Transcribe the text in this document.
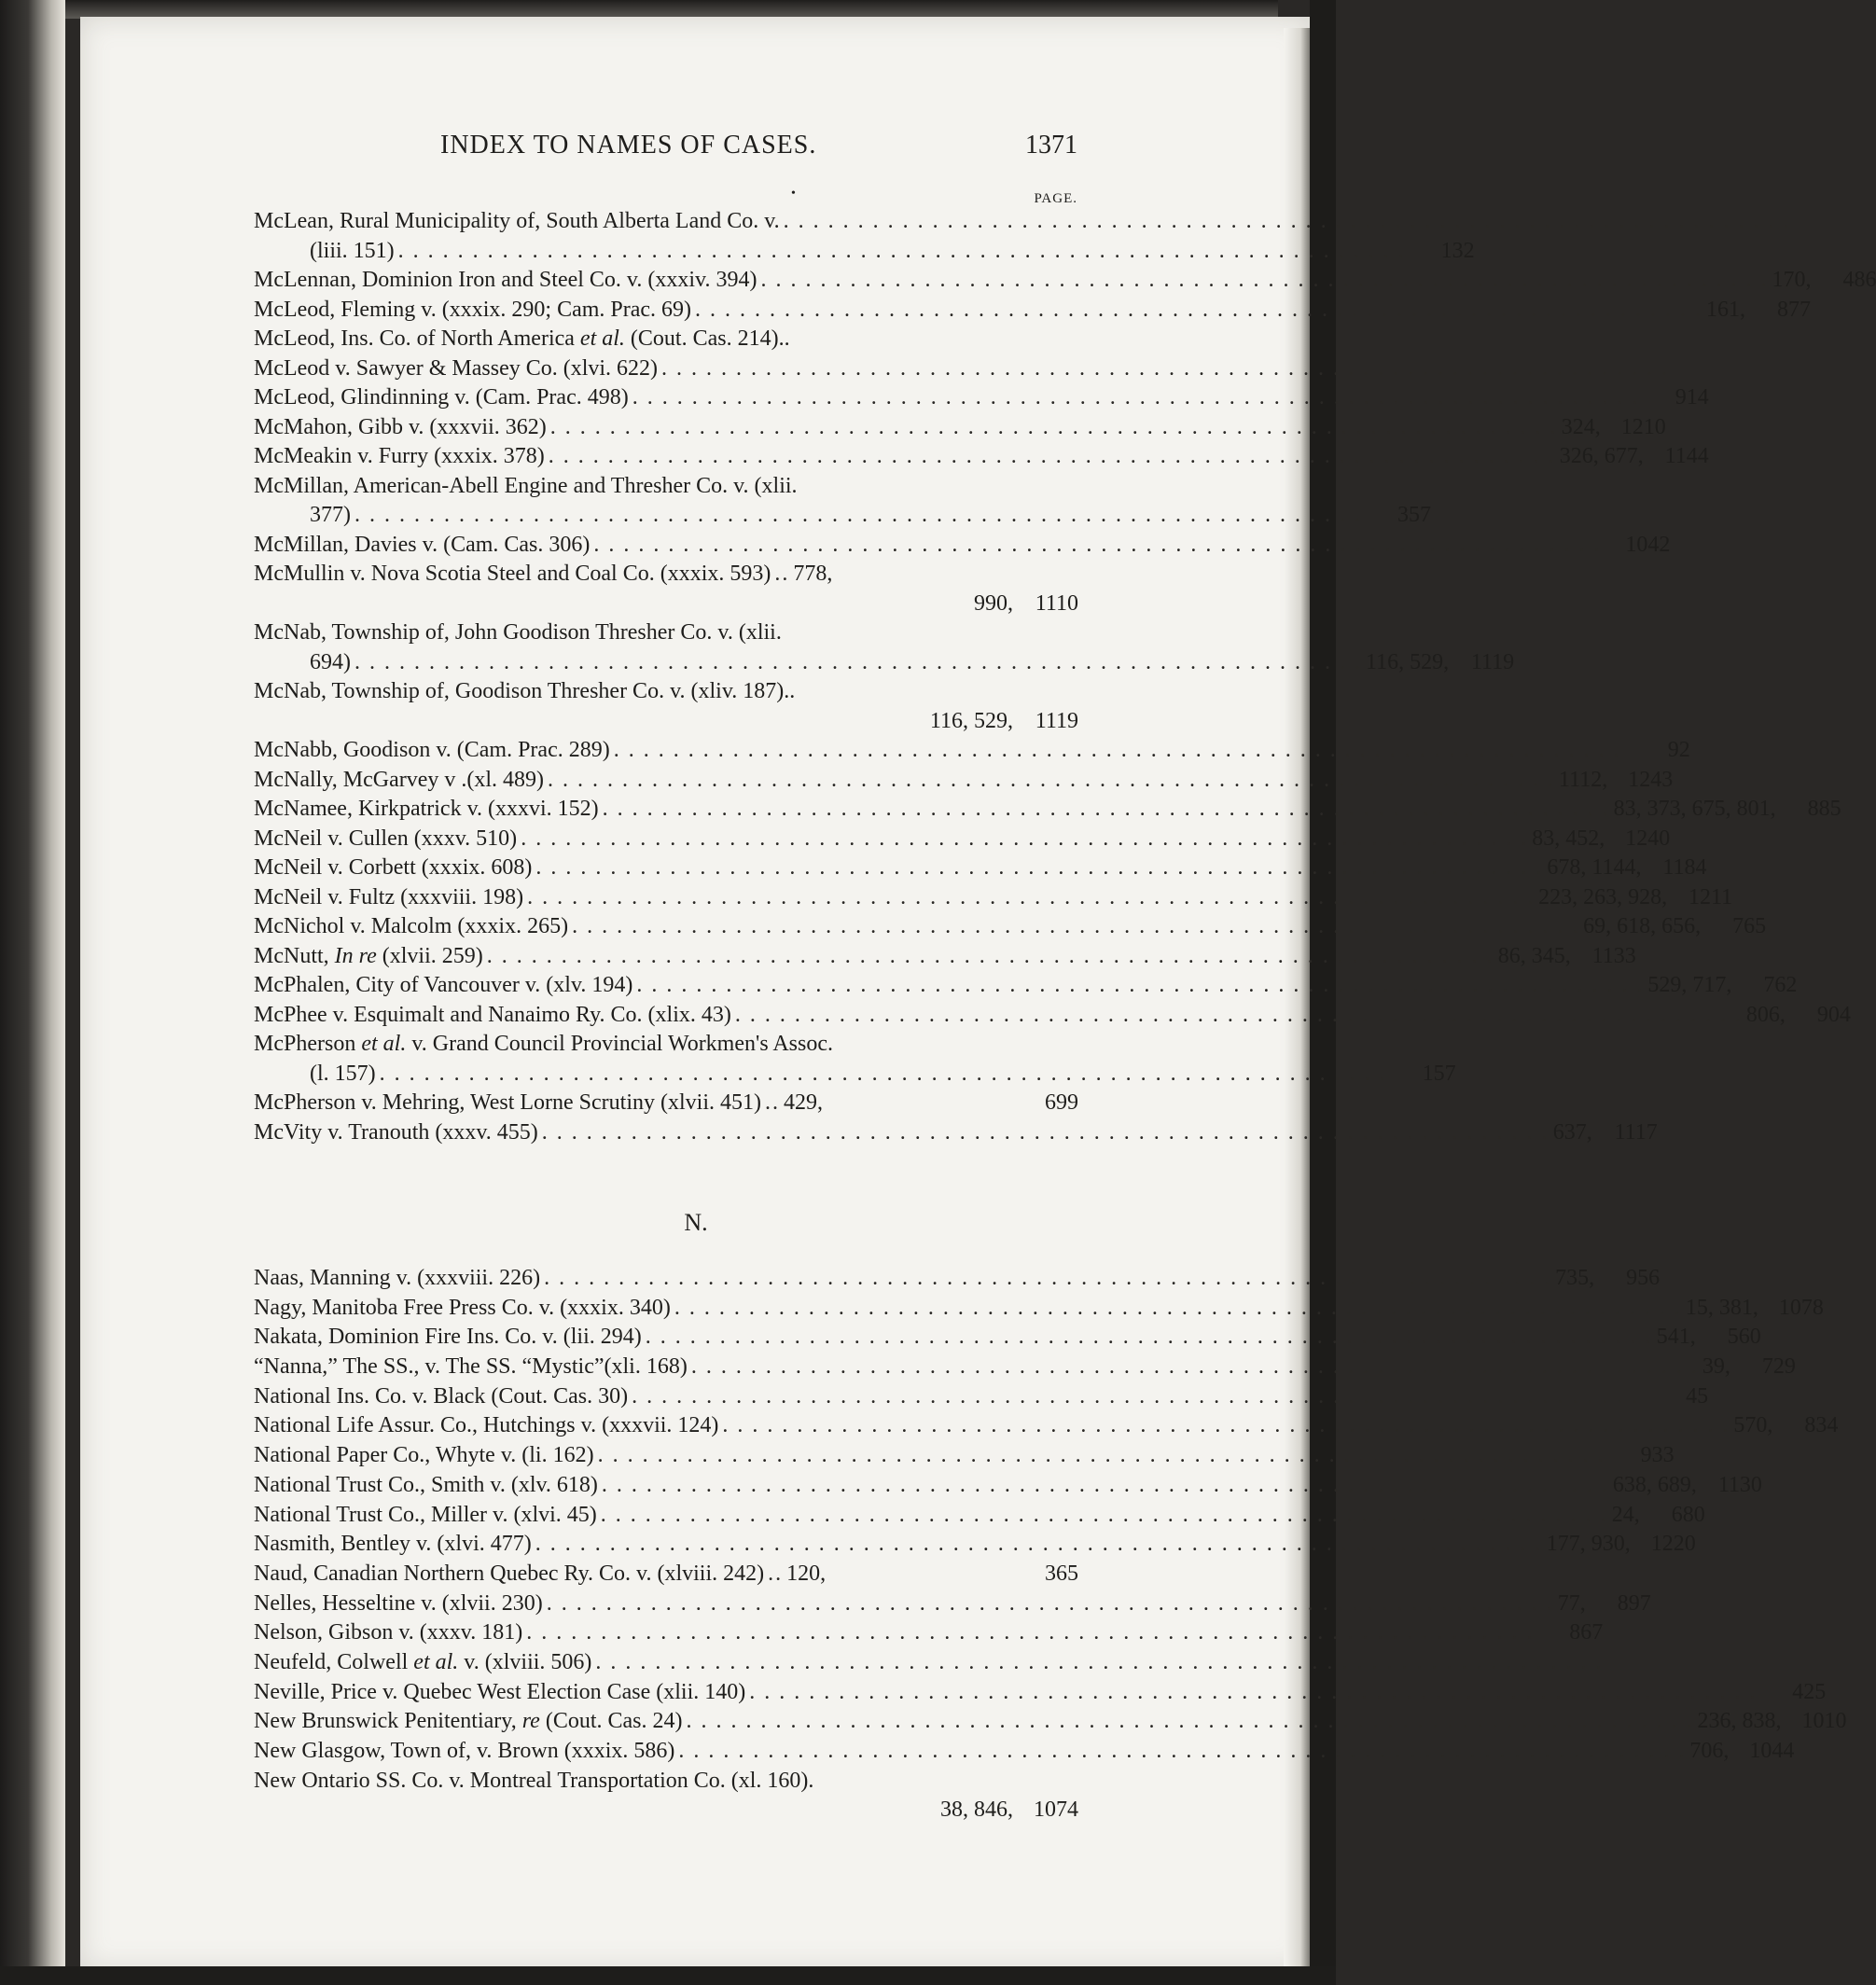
INDEX TO NAMES OF CASES.	1371
•	PAGE.
McLean, Rural Municipality of, South Alberta Land Co. v. . . . . . . . . . . . . . . . . . . . . . . . . . . . . . . . . . . . . . . . . . . . . . . . . . . . . . . . . . . . . . . . . . . . .
(liii. 151) . . . . . . . . . . . . . . . . . . . . . . . . . . . . . . . . . . . . . . . . . . . . . . . . . . . . . . . . . . . . . . . . . . . .	132
McLennan, Dominion Iron and Steel Co. v. (xxxiv. 394) . . . . . . . . . . . . . . . . . . . . . . . . . . . . . . . . . . . . . . . . . . . . . . . . . . . . . . . . . . . . . . . . . . . . 170,	486
McLeod, Fleming v. (xxxix. 290; Cam. Prac. 69) . . . . . . . . . . . . . . . . . . . . . . . . . . . . . . . . . . . . . . . . . . . . . . . . . . . . . . . . . . . . . . . . . . . . 161,	877
McLeod, Ins. Co. of North America et al. (Cout. Cas. 214)..
McLeod v. Sawyer & Massey Co. (xlvi. 622) . . . . . . . . . . . . . . . . . . . . . . . . . . . . . . . . . . . . . . . . . . . . . . . . . . . . . . . . . . . . . . . . . . . .
McLeod, Glindinning v. (Cam. Prac. 498) . . . . . . . . . . . . . . . . . . . . . . . . . . . . . . . . . . . . . . . . . . . . . . . . . . . . . . . . . . . . . . . . . . . .	914
McMahon, Gibb v. (xxxvii. 362) . . . . . . . . . . . . . . . . . . . . . . . . . . . . . . . . . . . . . . . . . . . . . . . . . . . . . . . . . . . . . . . . . . . . 324, 1210
McMeakin v. Furry (xxxix. 378) . . . . . . . . . . . . . . . . . . . . . . . . . . . . . . . . . . . . . . . . . . . . . . . . . . . . . . . . . . . . . . . . . . . . 326, 677, 1144
McMillan, American-Abell Engine and Thresher Co. v. (xlii.
377) . . . . . . . . . . . . . . . . . . . . . . . . . . . . . . . . . . . . . . . . . . . . . . . . . . . . . . . . . . . . . . . . . . . .	357
McMillan, Davies v. (Cam. Cas. 306) . . . . . . . . . . . . . . . . . . . . . . . . . . . . . . . . . . . . . . . . . . . . . . . . . . . . . . . . . . . . . . . . . . . .	1042
McMullin v. Nova Scotia Steel and Coal Co. (xxxix. 593) .. 778,
990, 1110
McNab, Township of, John Goodison Thresher Co. v. (xlii.
694) . . . . . . . . . . . . . . . . . . . . . . . . . . . . . . . . . . . . . . . . . . . . . . . . . . . . . . . . . . . . . . . . . . . . 116, 529, 1119
McNab, Township of, Goodison Thresher Co. v. (xliv. 187)..
116, 529, 1119
McNabb, Goodison v. (Cam. Prac. 289) . . . . . . . . . . . . . . . . . . . . . . . . . . . . . . . . . . . . . . . . . . . . . . . . . . . . . . . . . . . . . . . . . . . .	92
McNally, McGarvey v .(xl. 489) . . . . . . . . . . . . . . . . . . . . . . . . . . . . . . . . . . . . . . . . . . . . . . . . . . . . . . . . . . . . . . . . . . . . 1112, 1243
McNamee, Kirkpatrick v. (xxxvi. 152) . . . . . . . . . . . . . . . . . . . . . . . . . . . . . . . . . . . . . . . . . . . . . . . . . . . . . . . . . . . . . . . . . . . . 83, 373, 675, 801,	885
McNeil v. Cullen (xxxv. 510) . . . . . . . . . . . . . . . . . . . . . . . . . . . . . . . . . . . . . . . . . . . . . . . . . . . . . . . . . . . . . . . . . . . . 83, 452, 1240
McNeil v. Corbett (xxxix. 608) . . . . . . . . . . . . . . . . . . . . . . . . . . . . . . . . . . . . . . . . . . . . . . . . . . . . . . . . . . . . . . . . . . . . 678, 1144, 1184
McNeil v. Fultz (xxxviii. 198) . . . . . . . . . . . . . . . . . . . . . . . . . . . . . . . . . . . . . . . . . . . . . . . . . . . . . . . . . . . . . . . . . . . . 223, 263, 928, 1211
McNichol v. Malcolm (xxxix. 265) . . . . . . . . . . . . . . . . . . . . . . . . . . . . . . . . . . . . . . . . . . . . . . . . . . . . . . . . . . . . . . . . . . . . 69, 618, 656,	765
McNutt, In re (xlvii. 259) . . . . . . . . . . . . . . . . . . . . . . . . . . . . . . . . . . . . . . . . . . . . . . . . . . . . . . . . . . . . . . . . . . . . 86, 345, 1133
McPhalen, City of Vancouver v. (xlv. 194) . . . . . . . . . . . . . . . . . . . . . . . . . . . . . . . . . . . . . . . . . . . . . . . . . . . . . . . . . . . . . . . . . . . . 529, 717,	762
McPhee v. Esquimalt and Nanaimo Ry. Co. (xlix. 43) . . . . . . . . . . . . . . . . . . . . . . . . . . . . . . . . . . . . . . . . . . . . . . . . . . . . . . . . . . . . . . . . . . . . 806,	904
McPherson et al. v. Grand Council Provincial Workmen's Assoc.
(l. 157) . . . . . . . . . . . . . . . . . . . . . . . . . . . . . . . . . . . . . . . . . . . . . . . . . . . . . . . . . . . . . . . . . . . .	157
McPherson v. Mehring, West Lorne Scrutiny (xlvii. 451) .. 429,	699
McVity v. Tranouth (xxxv. 455) . . . . . . . . . . . . . . . . . . . . . . . . . . . . . . . . . . . . . . . . . . . . . . . . . . . . . . . . . . . . . . . . . . . . 637, 1117
N.
Naas, Manning v. (xxxviii. 226) . . . . . . . . . . . . . . . . . . . . . . . . . . . . . . . . . . . . . . . . . . . . . . . . . . . . . . . . . . . . . . . . . . . . 735,	956
Nagy, Manitoba Free Press Co. v. (xxxix. 340) . . . . . . . . . . . . . . . . . . . . . . . . . . . . . . . . . . . . . . . . . . . . . . . . . . . . . . . . . . . . . . . . . . . . 15, 381, 1078
Nakata, Dominion Fire Ins. Co. v. (lii. 294) . . . . . . . . . . . . . . . . . . . . . . . . . . . . . . . . . . . . . . . . . . . . . . . . . . . . . . . . . . . . . . . . . . . . 541,	560
“Nanna,” The SS., v. The SS. “Mystic”(xli. 168) . . . . . . . . . . . . . . . . . . . . . . . . . . . . . . . . . . . . . . . . . . . . . . . . . . . . . . . . . . . . . . . . . . . . 39,	729
National Ins. Co. v. Black (Cout. Cas. 30) . . . . . . . . . . . . . . . . . . . . . . . . . . . . . . . . . . . . . . . . . . . . . . . . . . . . . . . . . . . . . . . . . . . .	45
National Life Assur. Co., Hutchings v. (xxxvii. 124) . . . . . . . . . . . . . . . . . . . . . . . . . . . . . . . . . . . . . . . . . . . . . . . . . . . . . . . . . . . . . . . . . . . . 570,	834
National Paper Co., Whyte v. (li. 162) . . . . . . . . . . . . . . . . . . . . . . . . . . . . . . . . . . . . . . . . . . . . . . . . . . . . . . . . . . . . . . . . . . . .	933
National Trust Co., Smith v. (xlv. 618) . . . . . . . . . . . . . . . . . . . . . . . . . . . . . . . . . . . . . . . . . . . . . . . . . . . . . . . . . . . . . . . . . . . . 638, 689, 1130
National Trust Co., Miller v. (xlvi. 45) . . . . . . . . . . . . . . . . . . . . . . . . . . . . . . . . . . . . . . . . . . . . . . . . . . . . . . . . . . . . . . . . . . . . 24,	680
Nasmith, Bentley v. (xlvi. 477) . . . . . . . . . . . . . . . . . . . . . . . . . . . . . . . . . . . . . . . . . . . . . . . . . . . . . . . . . . . . . . . . . . . . 177, 930, 1220
Naud, Canadian Northern Quebec Ry. Co. v. (xlviii. 242) .. 120,	365
Nelles, Hesseltine v. (xlvii. 230) . . . . . . . . . . . . . . . . . . . . . . . . . . . . . . . . . . . . . . . . . . . . . . . . . . . . . . . . . . . . . . . . . . . . 77,	897
Nelson, Gibson v. (xxxv. 181) . . . . . . . . . . . . . . . . . . . . . . . . . . . . . . . . . . . . . . . . . . . . . . . . . . . . . . . . . . . . . . . . . . . .	867
Neufeld, Colwell et al. v. (xlviii. 506) . . . . . . . . . . . . . . . . . . . . . . . . . . . . . . . . . . . . . . . . . . . . . . . . . . . . . . . . . . . . . . . . . . . .
Neville, Price v. Quebec West Election Case (xlii. 140) . . . . . . . . . . . . . . . . . . . . . . . . . . . . . . . . . . . . . . . . . . . . . . . . . . . . . . . . . . . . . . . . . . . .	425
New Brunswick Penitentiary, re (Cout. Cas. 24) . . . . . . . . . . . . . . . . . . . . . . . . . . . . . . . . . . . . . . . . . . . . . . . . . . . . . . . . . . . . . . . . . . . . 236, 838, 1010
New Glasgow, Town of, v. Brown (xxxix. 586) . . . . . . . . . . . . . . . . . . . . . . . . . . . . . . . . . . . . . . . . . . . . . . . . . . . . . . . . . . . . . . . . . . . . 706, 1044
New Ontario SS. Co. v. Montreal Transportation Co. (xl. 160).
38, 846, 1074
